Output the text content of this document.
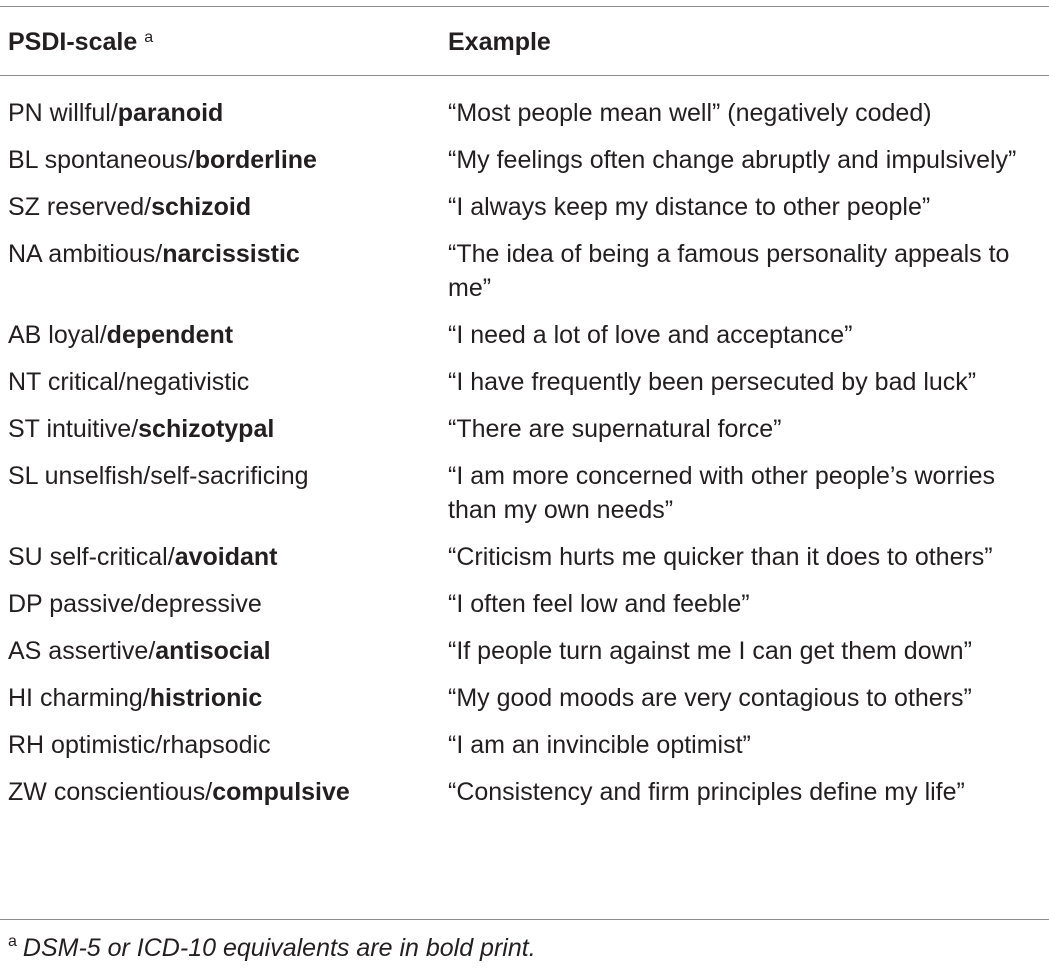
PSDI-scale $^a$	Example
PN willful/paranoid	“Most people mean well” (negatively coded)
BL spontaneous/borderline	“My feelings often change abruptly and impulsively”
SZ reserved/schizoid	“I always keep my distance to other people”
NA ambitious/narcissistic	“The idea of being a famous personality appeals to me”
AB loyal/dependent	“I need a lot of love and acceptance”
NT critical/negativistic	“I have frequently been persecuted by bad luck”
ST intuitive/schizotypal	“There are supernatural force”
SL unselfish/self-sacrificing	“I am more concerned with other people’s worries than my own needs”
SU self-critical/avoidant	“Criticism hurts me quicker than it does to others”
DP passive/depressive	“I often feel low and feeble”
AS assertive/antisocial	“If people turn against me I can get them down”
HI charming/histrionic	“My good moods are very contagious to others”
RH optimistic/rhapsodic	“I am an invincible optimist”
ZW conscientious/compulsive	“Consistency and firm principles define my life”
$^a$ DSM-5 or ICD-10 equivalents are in bold print.
